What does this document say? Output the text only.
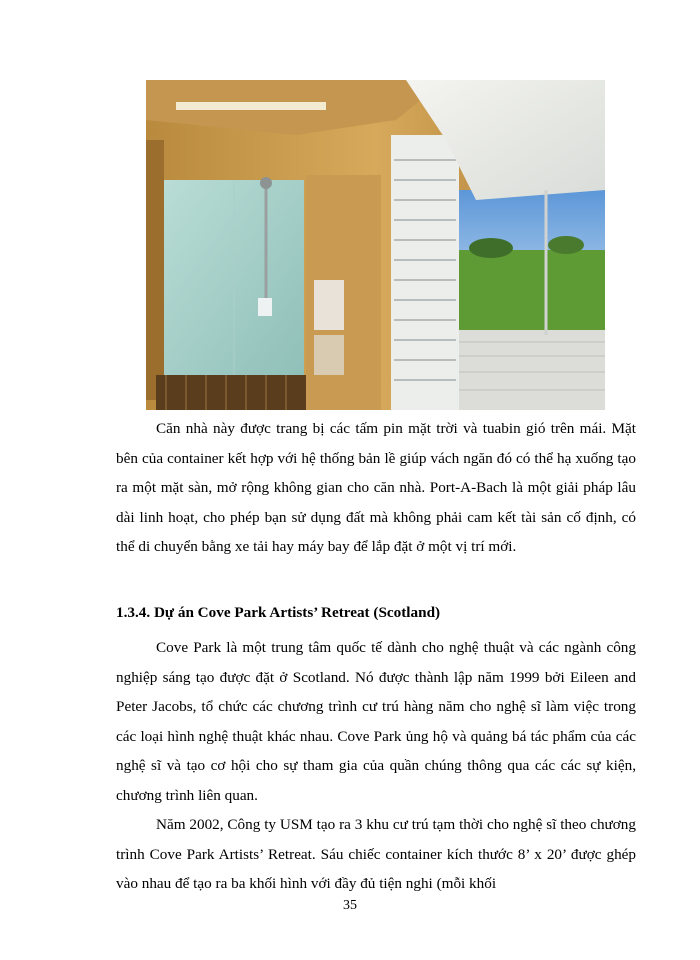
Căn nhà này được trang bị các tấm pin mặt trời và tuabin gió trên mái. Mặt bên của container kết hợp với hệ thống bản lề giúp vách ngăn đó có thể hạ xuống tạo ra một mặt sàn, mở rộng không gian cho căn nhà. Port-A-Bach là một giải pháp lâu dài linh hoạt, cho phép bạn sử dụng đất mà không phải cam kết tài sản cố định, có thể di chuyển bằng xe tải hay máy bay để lắp đặt ở một vị trí mới.

1.3.4. Dự án Cove Park Artists’ Retreat (Scotland)

Cove Park là một trung tâm quốc tế dành cho nghệ thuật và các ngành công nghiệp sáng tạo được đặt ở Scotland. Nó được thành lập năm 1999 bởi Eileen and Peter Jacobs, tổ chức các chương trình cư trú hàng năm cho nghệ sĩ làm việc trong các loại hình nghệ thuật khác nhau. Cove Park ủng hộ và quảng bá tác phẩm của các nghệ sĩ và tạo cơ hội cho sự tham gia của quần chúng thông qua các các sự kiện, chương trình liên quan.

Năm 2002, Công ty USM tạo ra 3 khu cư trú tạm thời cho nghệ sĩ theo chương trình Cove Park Artists’ Retreat. Sáu chiếc container kích thước 8’ x 20’ được ghép vào nhau để tạo ra ba khối hình với đầy đủ tiện nghi (mỗi khối

35
